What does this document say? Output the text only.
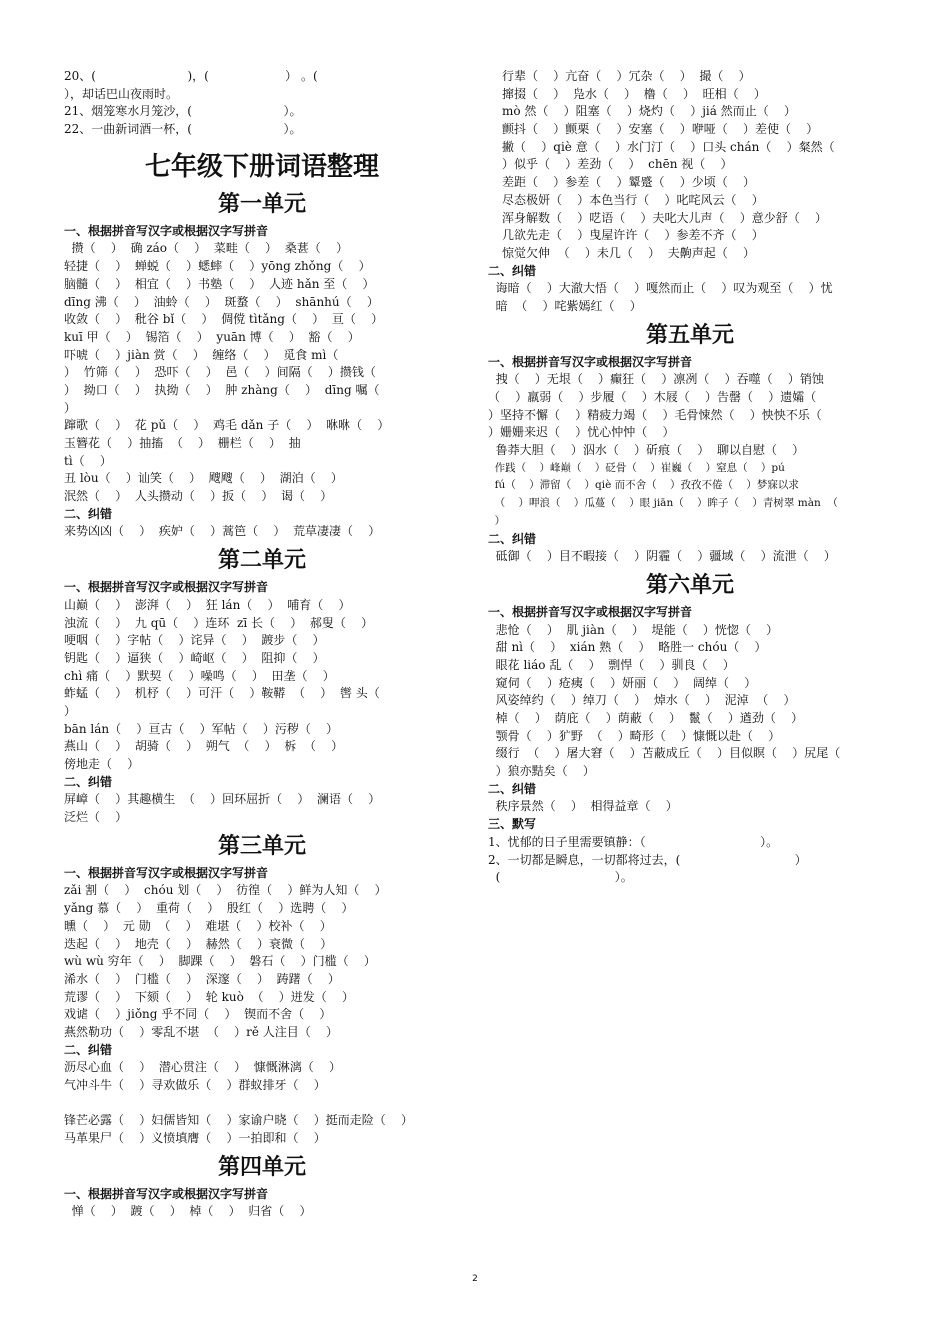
20、(                        )，(                    ） 。(
），却话巴山夜雨时。
21、烟笼寒水月笼沙，(                        ）。
22、一曲新词酒一杯，(                        ）。
七年级下册词语整理
第一单元
一、根据拼音写汉字或根据汉字写拼音
攒（    ）  确 záo（    ）  菜畦（    ）  桑葚（    ）
轻捷（    ）  蝉蜕（    ）蟋蟀（    ）yōng zhǒng（    ）
脑髓（    ）  相宜（    ）书塾（    ）  人迹 hǎn 至（    ）
dīng 沸（    ）  油蛉（    ）  斑蝥（    ）  shānhú（    ）
收敛（    ）  秕谷 bǐ（    ）  倜傥 tìtǎng（    ）  亘（    ）
kuī 甲（    ）  锡箔（    ）  yuān 博（    ）  豁（    ）
吓唬（    ）jiàn 赏（    ）  缠络（    ）  觅食 mì（
）  竹筛（    ）  恐吓（    ）  邑（    ）间隔（    ）攒钱（
）  拗口（    ）  执拗（    ）  肿 zhàng（    ）  dīng 嘱（
）
蹿歌（    ）  花 pǔ（    ）  鸡毛 dǎn 子（    ）  咻咻（    ）
玉簪花（    ）抽搐  （    ）  栅栏（    ）  抽
tì（    ）
丑 lòu（    ）讪笑（    ）  飕飕（    ）  湖泊（    ）
泯然（    ）  人头攒动（    ）扳（    ）  谒（    ）
二、纠错
来势凶凶（    ）  疾妒（    ）蒿笆（    ）  荒草凄凄（    ）
第二单元
一、根据拼音写汉字或根据汉字写拼音
山巅（    ）  澎湃（    ）  狂 lán（    ）  哺育（    ）
浊流（    ）  九 qū（    ）连环  zī 长（    ）  郝叟（    ）
哽咽（    ）字帖（    ）诧异（    ）  踱步（    ）
钥匙（    ）逼狭（    ）崎岖（    ）  阻抑（    ）
chì 痛（    ）默契（    ）噪鸣（    ）  田垄（    ）
蚱蜢（    ）  机杼（    ）可汗（    ）鞍鞯  （    ）  辔 头（
）
bān lán（    ）亘古（    ）军帖（    ）污秽（    ）
燕山（    ）  胡骑（    ）  朔气  （    ）  柝  （    ）
傍地走（    ）
二、纠错
屏嶂（    ）其趣横生  （    ）回环屈折（    ）  澜语（    ）
泛烂（    ）
第三单元
一、根据拼音写汉字或根据汉字写拼音
zǎi 割（    ）  chóu 划（    ）  彷徨（    ）鲜为人知（    ）
yǎng 慕（    ）  重荷（    ）  殷红（    ）选聘（    ）
曛（    ）  元 勋  （    ）  难堪（    ）校补（    ）
迭起（    ）  地壳（    ）  赫然（    ）衰微（    ）
wù wù 穷年（    ）  脚踝（    ）  磐石（    ）门槛（    ）
浠水（    ）  门槛（    ）  深邃（    ）  踌躇（    ）
荒谬（    ）  下颏（    ）  轮 kuò  （    ）迸发（    ）
戏谑（    ）jiǒng 乎不同（    ）  锲而不舍（    ）
燕然勒功（    ）零乱不堪  （    ）rě 人注目（    ）
二、纠错
沥尽心血（    ）  潜心贯注（    ）  慷慨淋漓（    ）
气冲斗牛（    ）寻欢做乐（    ）群蚁排牙（    ）
锋芒必露（    ）妇儒皆知（    ）家谕户晓（    ）挺而走险（    ）
马革果尸（    ）义愤填膺（    ）一拍即和（    ）
第四单元
一、根据拼音写汉字或根据汉字写拼音
惮（    ）  踱（    ）  棹（    ）  归省（    ）
行辈（    ）亢奋（    ）冗杂（    ）  撮（    ）
撺掇（    ）  凫水（    ）  橹（    ）  旺相（    ）
mò 然（    ）阻塞（    ）烧灼（    ）jiá 然而止（    ）
颤抖（    ）颤栗（    ）安塞（    ）咿哑（    ）差使（    ）
撇（    ）qiè 意（    ）水门汀（    ）口头 chán（    ）粲然（
）似乎（    ）差劲（    ）  chēn 视（    ）
差距（    ）参差（    ）颦蹙（    ）少顷（    ）
尽态极妍（    ）本色当行（    ）叱咤风云（    ）
浑身解数（    ）呓语（    ）夫叱大儿声（    ）意少舒（    ）
几欲先走（    ）曳屋许许（    ）参差不齐（    ）
惊觉欠伸  （    ）未几（    ）  夫齁声起（    ）
二、纠错
诲暗（    ）大澈大悟（    ）嘎然而止（    ）叹为观至（    ）忧
暗  （    ）咤紫嫣红（    ）
第五单元
一、根据拼音写汉字或根据汉字写拼音
拽（    ）无垠（    ）癫狂（    ）凛冽（    ）吞噬（    ）销蚀
（    ）羸弱（    ）步履（    ）木屐（    ）告罄（    ）遗孀（
）坚持不懈（    ）精疲力竭（    ）毛骨悚然（    ）怏怏不乐（
）姗姗来迟（    ）忧心忡忡（    ）
鲁莽大胆（    ）泅水（    ）斫痕（    ）  聊以自慰（    ）
作践（    ）峰巅（    ）砭骨（    ）崔巍（    ）窒息（    ）pú
fú（    ）滞留（    ）qiè 而不舍（    ）孜孜不倦（    ）梦寐以求
（    ）呷浪（    ）瓜蔓（    ）眼 jiān（    ）眸子（    ）青树翠 màn  （
）
二、纠错
砥御（    ）目不暇接（    ）阴霾（    ）疆域（    ）流泄（    ）
第六单元
一、根据拼音写汉字或根据汉字写拼音
悲怆（    ）  肌 jiàn（    ）  堤能（    ）恍惚（    ）
甜 nì（    ）  xián 熟（    ）  略胜一 chóu（    ）
眼花 liáo 乱（    ）  剽悍（    ）驯良（    ）
窥伺（    ）疮痍（    ）妍丽（    ）  阔绰（    ）
风姿绰约（    ）绰刀（    ）  焯水（    ）  泥淖  （    ）
棹（    ）  荫庇（    ）荫蔽（    ）  鬣（    ）遒劲（    ）
颚骨（    ）犷野  （    ）畸形（    ）慷慨以赴（    ）
缀行  （    ）屠大窘（    ）苫蔽成丘（    ）目似瞑（    ）尻尾（
）狼亦黠矣（    ）
二、纠错
秩序景然（    ）  相得益章（    ）
三、默写
1、忧郁的日子里需要镇静：（                              ）。
2、一切都是瞬息，一切都将过去，(                              ）
(                              ）。
2
